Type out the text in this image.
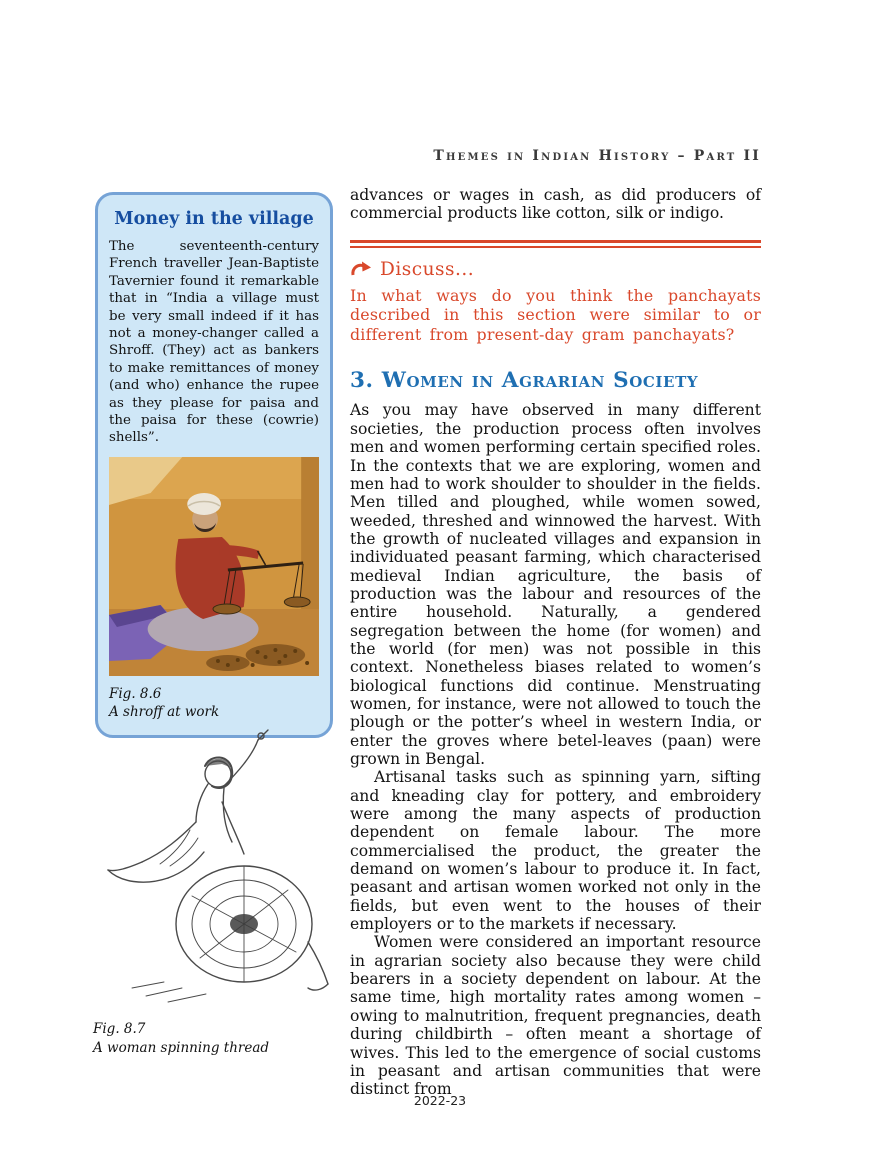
Themes in Indian History – Part II
Money in the village

The seventeenth-century French traveller Jean-Baptiste Tavernier found it remarkable that in “India a village must be very small indeed if it has not a money-changer called a Shroff. (They) act as bankers to make remittances of money (and who) enhance the rupee as they please for paisa and the paisa for these (cowrie) shells”.

Fig. 8.6
A shroff at work
Fig. 8.7
A woman spinning thread

advances or wages in cash, as did producers of commercial products like cotton, silk or indigo.

Discuss...

In what ways do you think the panchayats described in this section were similar to or different from present-day gram panchayats?

3. Women in Agrarian Society

As you may have observed in many different societies, the production process often involves men and women performing certain specified roles. In the contexts that we are exploring, women and men had to work shoulder to shoulder in the fields. Men tilled and ploughed, while women sowed, weeded, threshed and winnowed the harvest. With the growth of nucleated villages and expansion in individuated peasant farming, which characterised medieval Indian agriculture, the basis of production was the labour and resources of the entire household. Naturally, a gendered segregation between the home (for women) and the world (for men) was not possible in this context. Nonetheless biases related to women’s biological functions did continue. Menstruating women, for instance, were not allowed to touch the plough or the potter’s wheel in western India, or enter the groves where betel-leaves (paan) were grown in Bengal.

Artisanal tasks such as spinning yarn, sifting and kneading clay for pottery, and embroidery were among the many aspects of production dependent on female labour. The more commercialised the product, the greater the demand on women’s labour to produce it. In fact, peasant and artisan women worked not only in the fields, but even went to the houses of their employers or to the markets if necessary.

Women were considered an important resource in agrarian society also because they were child bearers in a society dependent on labour. At the same time, high mortality rates among women – owing to malnutrition, frequent pregnancies, death during childbirth – often meant a shortage of wives. This led to the emergence of social customs in peasant and artisan communities that were distinct from

2022-23
